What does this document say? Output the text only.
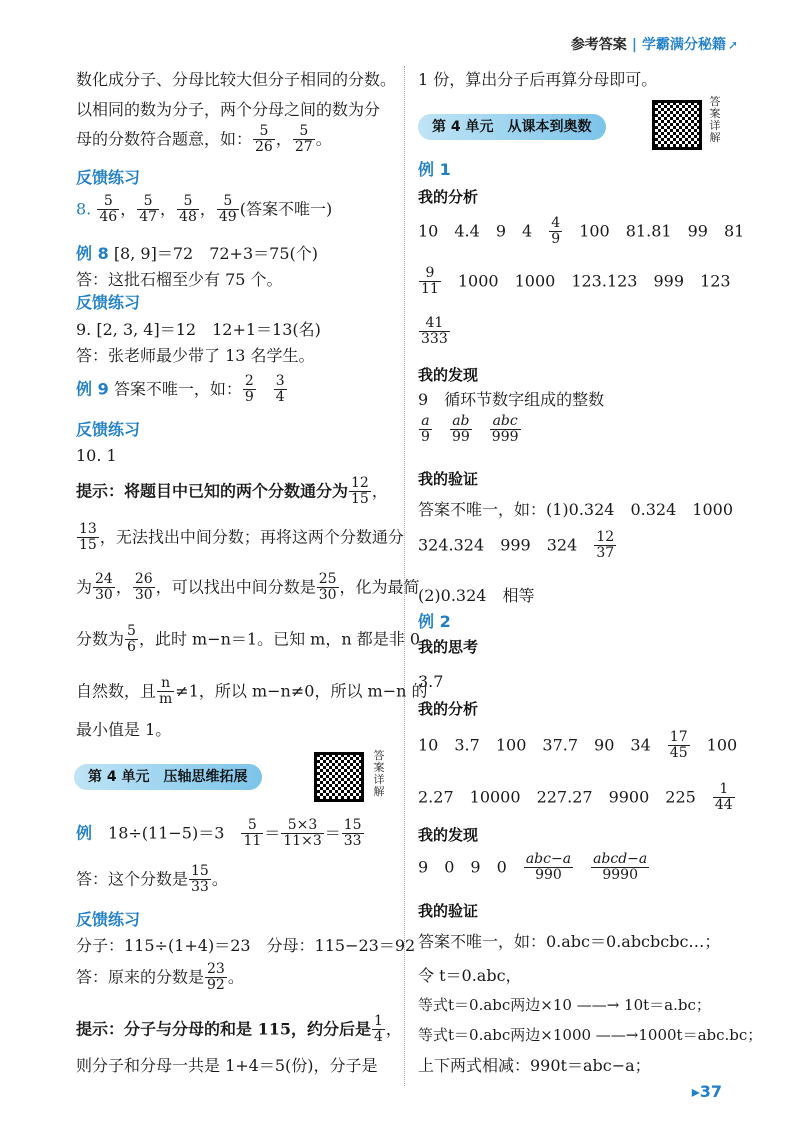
参考答案 | 学霸满分秘籍 ➚
数化成分子、分母比较大但分子相同的分数。
以相同的数为分子，两个分母之间的数为分
母的分数符合题意，如： $\frac{5}{26}$ ， $\frac{5}{27}$ 。
反馈练习
8. $\frac{5}{46}$ ， $\frac{5}{47}$ ， $\frac{5}{48}$ ， $\frac{5}{49}$ (答案不唯一)
例 8 [8, 9]＝72　72+3＝75(个)
答：这批石榴至少有 75 个。
反馈练习
9. [2, 3, 4]＝12　12+1＝13(名)
答：张老师最少带了 13 名学生。
例 9 答案不唯一，如： $\frac{2}{9}$
　 $\frac{3}{4}$
反馈练习
10. 1
提示：将题目中已知的两个分数通分为 $\frac{12}{15}$ ，
$\frac{13}{15}$ ，无法找出中间分数；再将这两个分数通分
为 $\frac{24}{30}$ ， $\frac{26}{30}$ ，可以找出中间分数是 $\frac{25}{30}$ ，化为最简
分数为 $\frac{5}{6}$ ，此时 m−n＝1。已知 m，n 都是非 0
自然数，且 $\frac{n}{m} \ne 1$，所以 m−n≠0，所以 m−n 的
最小值是 1。
第 4 单元　压轴思维拓展
答案详解
例　 18÷(11−5)＝3　 $\frac{5}{11} = \frac{5\times 3}{11\times 3} = \frac{15}{33}$
答：这个分数是 $\frac{15}{33}$ 。
反馈练习
分子：115÷(1+4)＝23　分母：115−23＝92
答：原来的分数是 $\frac{23}{92}$ 。
提示：分子与分母的和是 115，约分后是 $\frac{1}{4}$ ，
则分子和分母一共是 1+4＝5(份)，分子是
1 份，算出分子后再算分母即可。
第 4 单元　从课本到奥数
答案详解
例 1
我的分析
10　 4.4　 9　 4　 $\frac{4}{9}$
　 100　 81.81　 99　 81
$\frac{9}{11}$
　 1000　 1000　 123.123　 999　 123
$\frac{41}{333}$
我的发现
9　循环节数字组成的整数
$\frac{a}{9}$
　 $\frac{ab}{99}$
　 $\frac{\text{abc}}{999}$
我的验证
答案不唯一，如：(1)0.324　0.324　1000
324.324　 999　 324　 $\frac{12}{37}$
(2)0.324　相等
例 2
我的思考
3.7
我的分析
10　 3.7　 100　 37.7　 90　 34　 $\frac{17}{45}$
　 100
2.27　 10000　 227.27　 9900　 225　 $\frac{1}{44}$
我的发现
9　 0　 9　 0　 $\frac{\text{abc−a}}{990}$
　 $\frac{\text{abcd−a}}{9990}$
我的验证
答案不唯一，如：0.abc＝0.abcbcbc…；
令 t＝0.abc，
等式t＝0.abc两边×10 ——→ 10t＝a.bc；
等式t＝0.abc两边×1000 ——→1000t＝abc.bc；
上下两式相减：990t＝abc−a；
▸37
